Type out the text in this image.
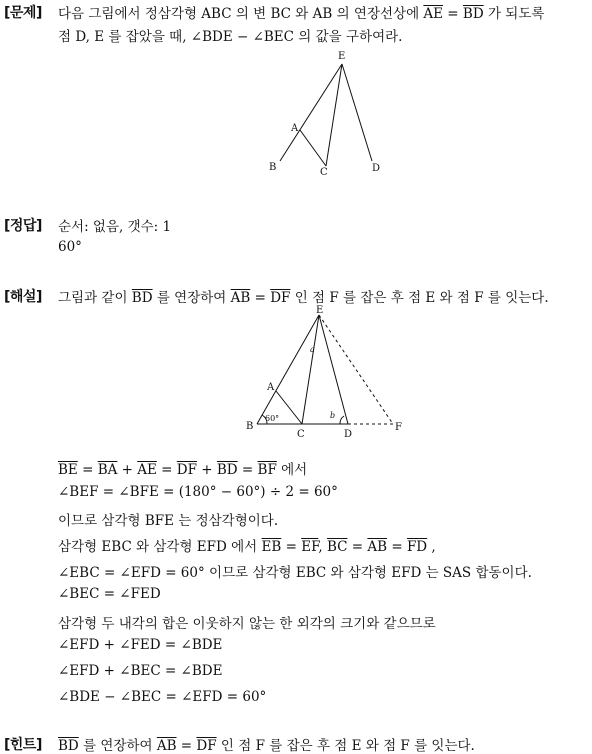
[문제] 다음 그림에서 정삼각형 ABC 의 변 BC 와 AB 의 연장선상에 $\overline{AE} = \overline{BD}$ 가 되도록
점 D, E 를 잡았을 때, ∠BDE − ∠BEC 의 값을 구하여라.
E
A
B	C	D
[정답] 순서: 없음, 갯수: 1
60°
[해설] 그림과 같이 $\overline{BD}$ 를 연장하여 $\overline{AB} = \overline{DF}$ 인 점 F 를 잡은 후 점 E 와 점 F 를 잇는다.
E
A
B
C	D
F
60°
a
b
$\overline{BE} = \overline{BA} + \overline{AE} = \overline{DF} + \overline{BD} = \overline{BF}$ 에서
∠BEF = ∠BFE = (180° − 60°) ÷ 2 = 60°
이므로 삼각형 BFE 는 정삼각형이다.
삼각형 EBC 와 삼각형 EFD 에서 $\overline{EB} = \overline{EF}$, $\overline{BC} = \overline{AB} = \overline{FD}$ ,
∠EBC = ∠EFD = 60° 이므로 삼각형 EBC 와 삼각형 EFD 는 SAS 합동이다.
∠BEC = ∠FED
삼각형 두 내각의 합은 이웃하지 않는 한 외각의 크기와 같으므로
∠EFD + ∠FED = ∠BDE
∠EFD + ∠BEC = ∠BDE
∠BDE − ∠BEC = ∠EFD = 60°
[힌트] $\overline{BD}$ 를 연장하여 $\overline{AB} = \overline{DF}$ 인 점 F 를 잡은 후 점 E 와 점 F 를 잇는다.
